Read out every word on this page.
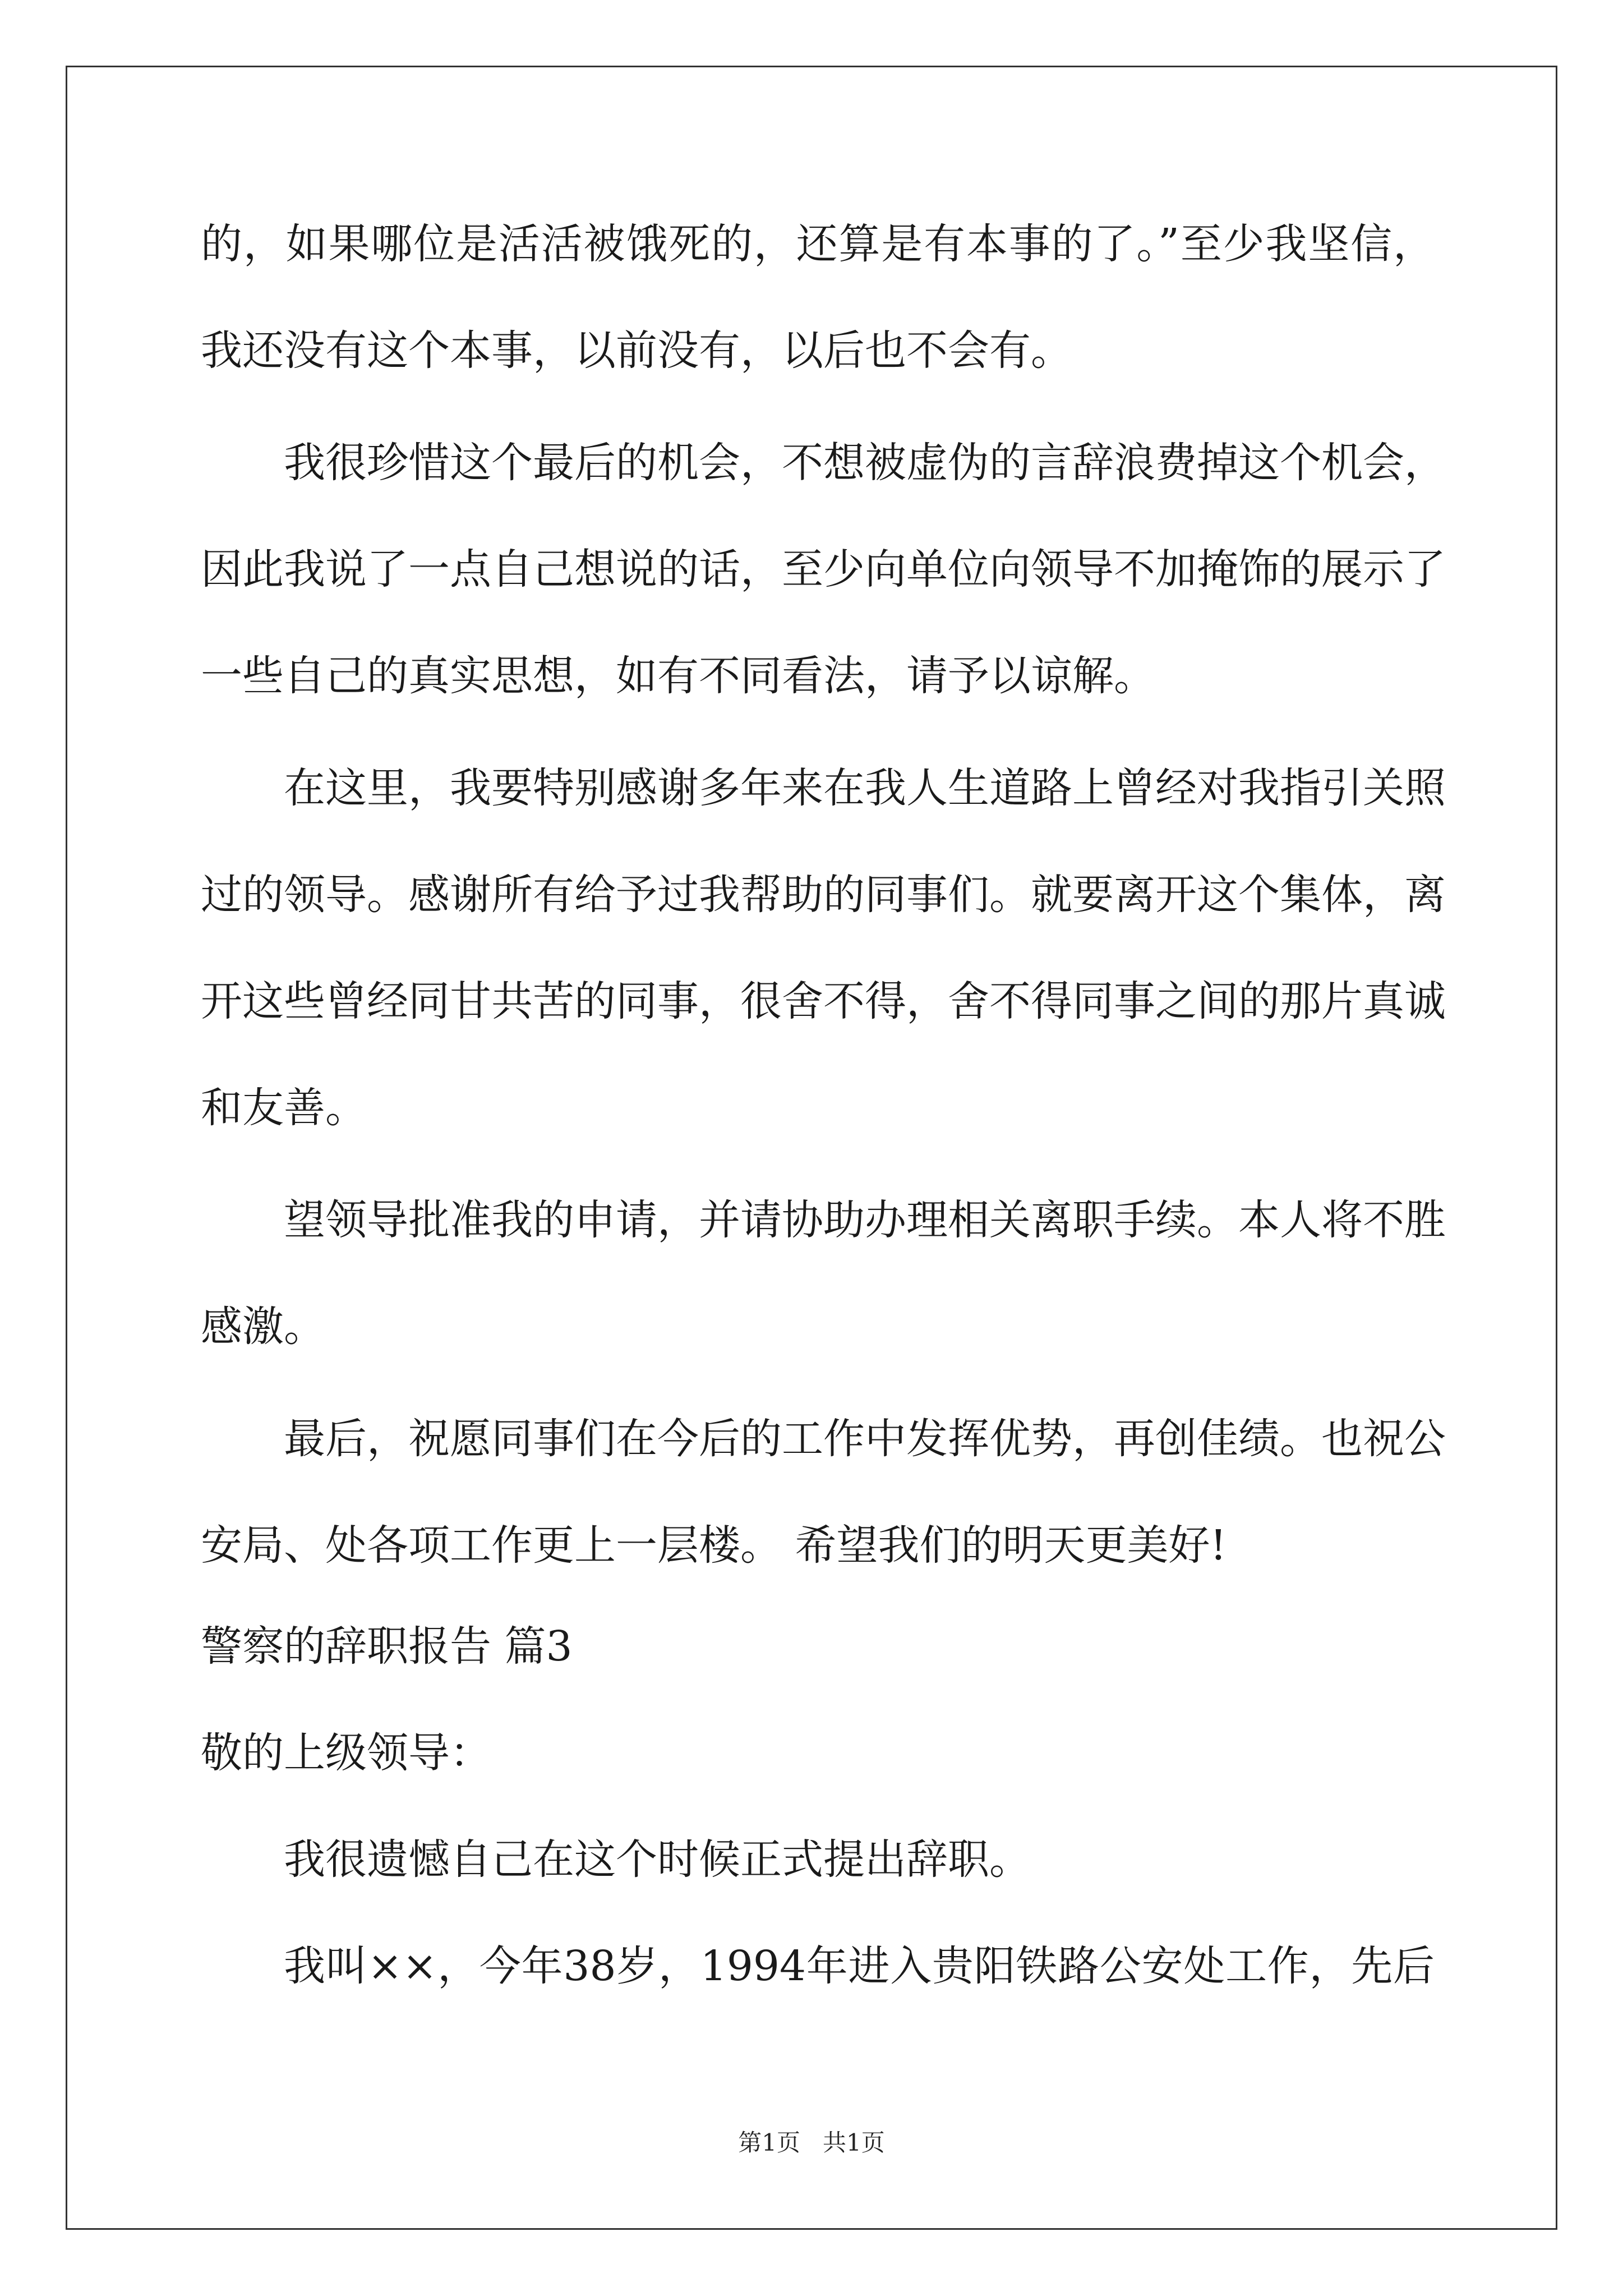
的，如果哪位是活活被饿死的，还算是有本事的了。”至少我坚信，
我还没有这个本事，以前没有，以后也不会有。
我很珍惜这个最后的机会，不想被虚伪的言辞浪费掉这个机会，
因此我说了一点自己想说的话，至少向单位向领导不加掩饰的展示了
一些自己的真实思想，如有不同看法，请予以谅解。
在这里，我要特别感谢多年来在我人生道路上曾经对我指引关照
过的领导。感谢所有给予过我帮助的同事们。就要离开这个集体，离
开这些曾经同甘共苦的同事，很舍不得，舍不得同事之间的那片真诚
和友善。
望领导批准我的申请，并请协助办理相关离职手续。本人将不胜
感激。
最后，祝愿同事们在今后的工作中发挥优势，再创佳绩。也祝公
安局、处各项工作更上一层楼。 希望我们的明天更美好!
警察的辞职报告 篇3
敬的上级领导：
我很遗憾自己在这个时候正式提出辞职。
我叫××，今年38岁，1994年进入贵阳铁路公安处工作，先后
第1页   共1页
